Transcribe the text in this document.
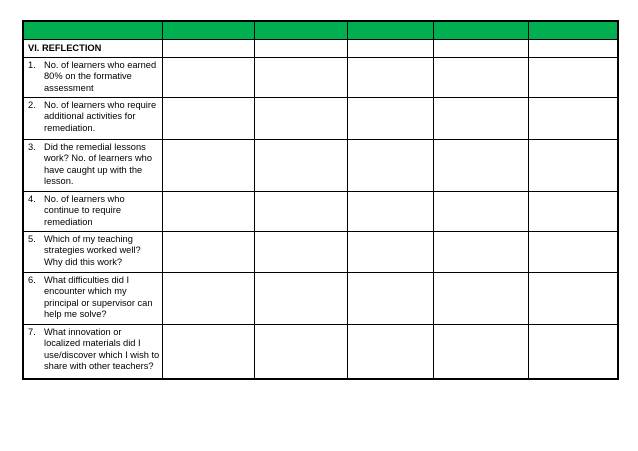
VI. REFLECTION					

1. No. of learners who earned 80% on the formative assessment					

2. No. of learners who require additional activities for remediation.					

3. Did the remedial lessons work? No. of learners who have caught up with the lesson.					

4. No. of learners who continue to require remediation					

5. Which of my teaching strategies worked well? Why did this work?					

6. What difficulties did I encounter which my principal or supervisor can help me solve?					

7. What innovation or localized materials did I use/discover which I wish to share with other teachers?					
